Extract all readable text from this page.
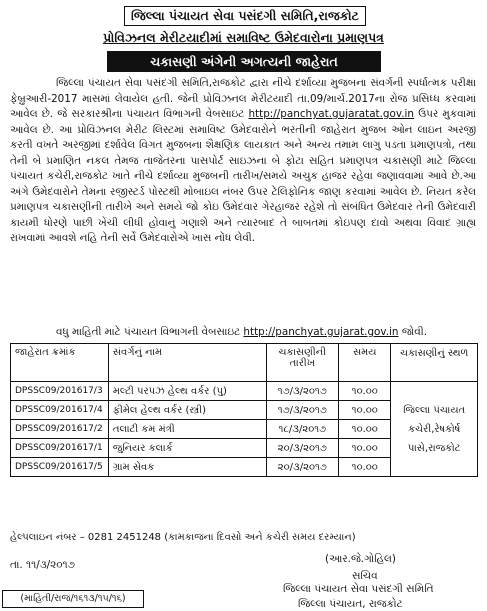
જિલ્લા પંચાયત સેવા પસંદગી સમિતિ,રાજકોટ
પ્રોવિઝનલ મેરીટયાદીમાં સમાવિષ્ટ ઉમેદવારોના પ્રમાણપત્ર
ચકાસણી અંગેની અગત્યની જાહેરાત

જિલ્લા પંચાયત સેવા પસંદગી સમિતિ,રાજકોટ દ્વારા નીચે દર્શાવ્યા મુજબના સંવર્ગની સ્પર્ધાત્મક પરીક્ષા ફેબ્રુઆરી-2017 માસમાં લેવાયેલ હતી. જેની પ્રોવિઝનલ મેરીટયાદી તા.09/માર્ચ.2017ના રોજ પ્રસિધ્ધ કરવામાં આવેલ છે. જે સરકારશ્રીના પંચાયત વિભાગની વેબસાઇટ http://panchyat.gujaratat.gov.in ઉપર મુકવામાં આવેલ છે. આ પ્રોવિઝનલ મેરીટ લિસ્ટમાં સમાવિષ્ટ ઉમેદવારોને ભરતીની જાહેરાત મુજબ ઓન લાઇન અરજી કરતી વખતે અરજીમાં દર્શાવેલ વિગત મુજબના શૈક્ષણિક લાયકાત અને અન્ય તમામ લાગુ પડતા પ્રમાણપત્રો, તથા તેની બે પ્રમાણિત નકલ તેમજ તાજેતરના પાસપોર્ટ સાઇઝના બે ફોટા સહિત પ્રમાણપત્ર ચકાસણી માટે જિલ્લા પંચાયત કચેરી,રાજકોટ ખાતે નીચે દર્શાવ્યા મુજબની તારીખ/સમયે અચુક હાજર રહેવા જણાવવામાં આવે છે.આ અંગે ઉમેદવારોને તેમના રજીસ્ટર્ડ પોસ્ટથી મોબાઇલ નંબર ઉપર ટેલિફોનિક જાણ કરવામાં આવેલ છે. નિયત કરેલ પ્રમાણપત્ર ચકાસણીની તારીખે અને સમયે જો કોઇ ઉમેદવાર ગેરહાજર રહેશે તો સંબંધિત ઉમેદવાર તેની ઉમેદવારી કાયમી ધોરણે પાછી ખેંચી લીધી હોવાનું ગણાશે અને ત્યારબાદ તે બાબતમાં કોઇપણ દાવો અથવા વિવાદ ગ્રાહ્ય રાખવામાં આવશે નહિ તેની સર્વે ઉમેદવારોએ ખાસ નોંધ લેવી.

વધુ માહિતી માટે પંચાયત વિભાગની વેબસાઇટ http://panchyat.gujarat.gov.in જોવી.
જાહેરાત ક્રમાંક	સંવર્ગનું નામ	ચકાસણીની તારીખ	સમય	ચકાસણીનું સ્થળ
DPSSC09/201617/3	મલ્ટી પરપઝ હેલ્થ વર્કર (પુ)	૧૭/૩/૨૦૧૭	૧૦.૦૦	જિલ્લા પંચાયત કચેરી,રેષકોર્ષ પાસે,રાજકોટ
DPSSC09/201617/4	ફીમેલ હેલ્થ વર્કર (સ્ત્રી)	૧૭/૩/૨૦૧૭	૧૦.૦૦	
DPSSC09/201617/2	તલાટી કમ મંત્રી	૧૮/૩/૨૦૧૭	૧૦.૦૦	
DPSSC09/201617/1	જુનિયર કલાર્ક	૨૦/૩/૨૦૧૭	૧૦.૦૦	
DPSSC09/201617/5	ગ્રામ સેવક	૨૦/૩/૨૦૧૭	૧૦.૦૦	
હેલ્પલાઇન નંબર – 0281 2451248 (કામકાજના દિવસો અને કચેરી સમય દરમ્યાન)
(આર.જે.ગોહિલ)
તા. ૧૧/૩/૨૦૧૭
સચિવ
જિલ્લા પંચાયત સેવા પસંદગી સમિતિ
જિલ્લા પંચાયત, રાજકોટ
(માહિતી/રાજ/૧૬૧૩/૧૫/૧૬)
